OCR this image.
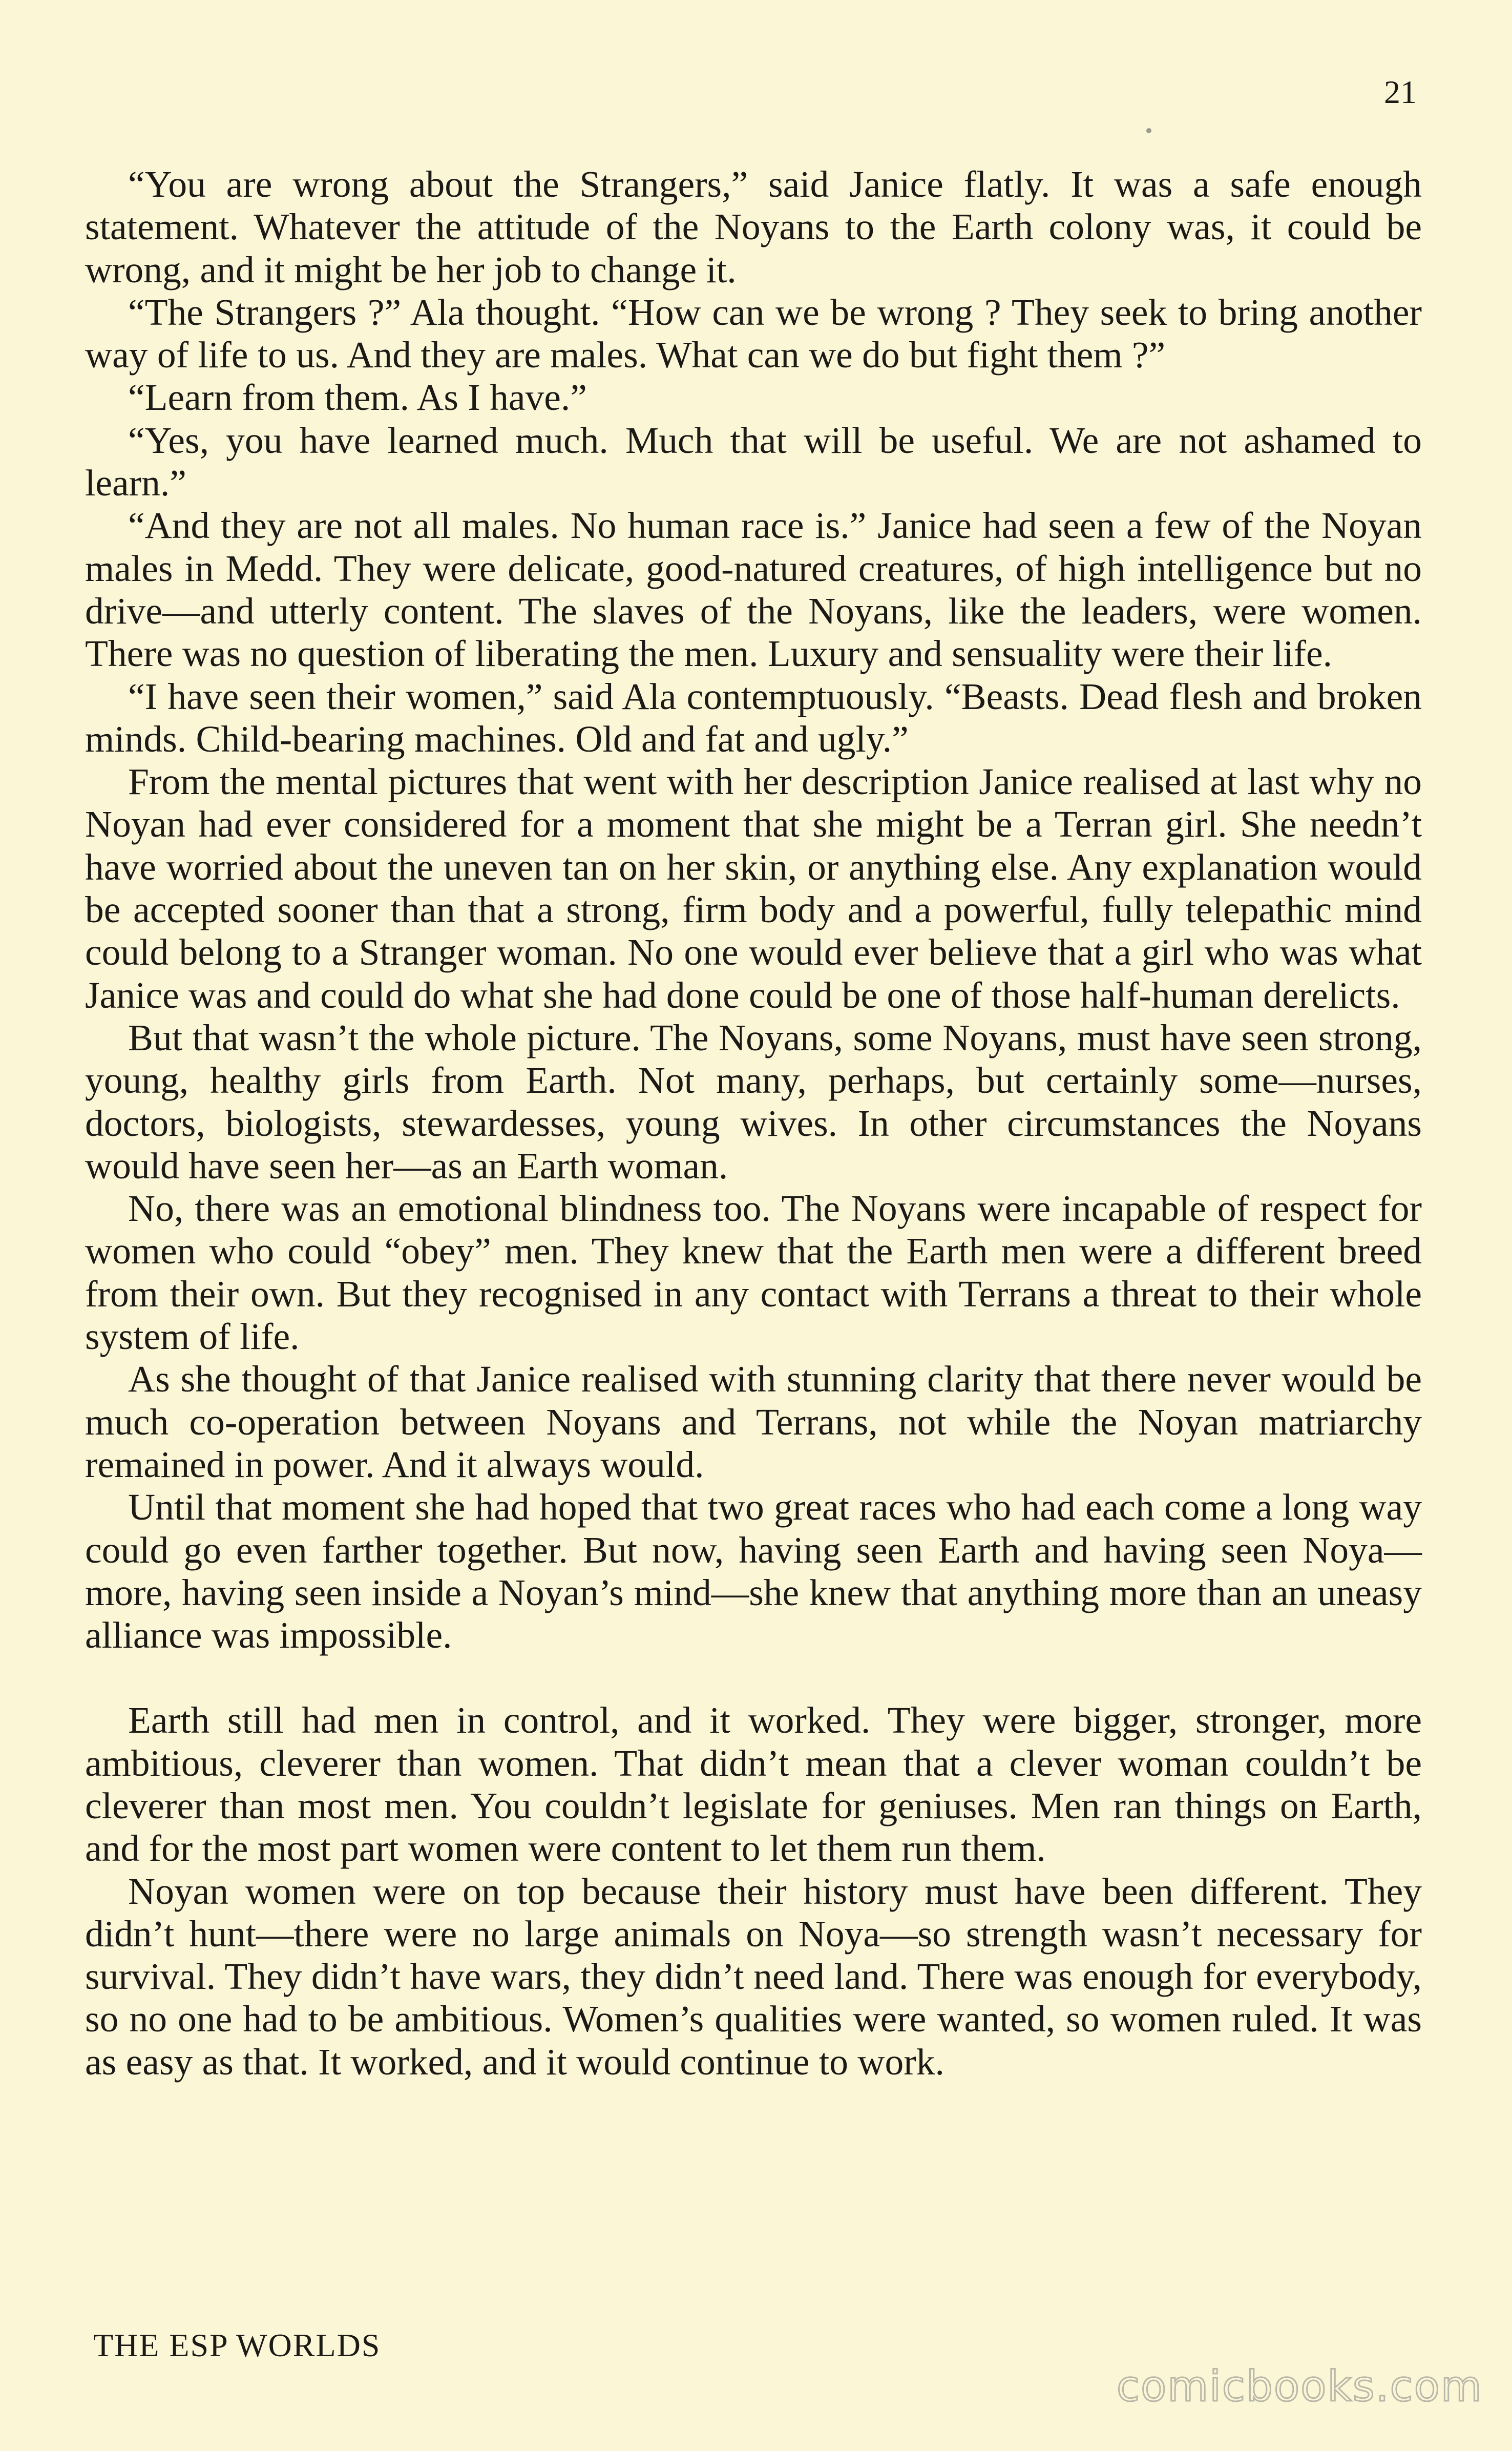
21

“You are wrong about the Strangers,” said Janice flatly. It was a safe enough statement. Whatever the attitude of the Noyans to the Earth colony was, it could be wrong, and it might be her job to change it.

“The Strangers ?” Ala thought. “How can we be wrong ? They seek to bring another way of life to us. And they are males. What can we do but fight them ?”

“Learn from them. As I have.”

“Yes, you have learned much. Much that will be useful. We are not ashamed to learn.”

“And they are not all males. No human race is.” Janice had seen a few of the Noyan males in Medd. They were delicate, good-natured creatures, of high intelligence but no drive—and utterly content. The slaves of the Noyans, like the leaders, were women. There was no question of liberating the men. Luxury and sensuality were their life.

“I have seen their women,” said Ala contemptuously. “Beasts. Dead flesh and broken minds. Child-bearing machines. Old and fat and ugly.”

From the mental pictures that went with her description Janice realised at last why no Noyan had ever considered for a moment that she might be a Terran girl. She needn’t have worried about the uneven tan on her skin, or anything else. Any explanation would be accepted sooner than that a strong, firm body and a powerful, fully telepathic mind could belong to a Stranger woman. No one would ever believe that a girl who was what Janice was and could do what she had done could be one of those half-human derelicts.

But that wasn’t the whole picture. The Noyans, some Noyans, must have seen strong, young, healthy girls from Earth. Not many, perhaps, but certainly some—nurses, doctors, biologists, stewardesses, young wives. In other circumstances the Noyans would have seen her—as an Earth woman.

No, there was an emotional blindness too. The Noyans were incapable of respect for women who could “obey” men. They knew that the Earth men were a different breed from their own. But they recognised in any contact with Terrans a threat to their whole system of life.

As she thought of that Janice realised with stunning clarity that there never would be much co-operation between Noyans and Terrans, not while the Noyan matriarchy remained in power. And it always would.

Until that moment she had hoped that two great races who had each come a long way could go even farther together. But now, having seen Earth and having seen Noya—more, having seen inside a Noyan’s mind—she knew that anything more than an uneasy alliance was impossible.

Earth still had men in control, and it worked. They were bigger, stronger, more ambitious, cleverer than women. That didn’t mean that a clever woman couldn’t be cleverer than most men. You couldn’t legislate for geniuses. Men ran things on Earth, and for the most part women were content to let them run them.

Noyan women were on top because their history must have been different. They didn’t hunt—there were no large animals on Noya—so strength wasn’t necessary for survival. They didn’t have wars, they didn’t need land. There was enough for everybody, so no one had to be ambitious. Women’s qualities were wanted, so women ruled. It was as easy as that. It worked, and it would continue to work.

THE ESP WORLDS
comicbooks.com
